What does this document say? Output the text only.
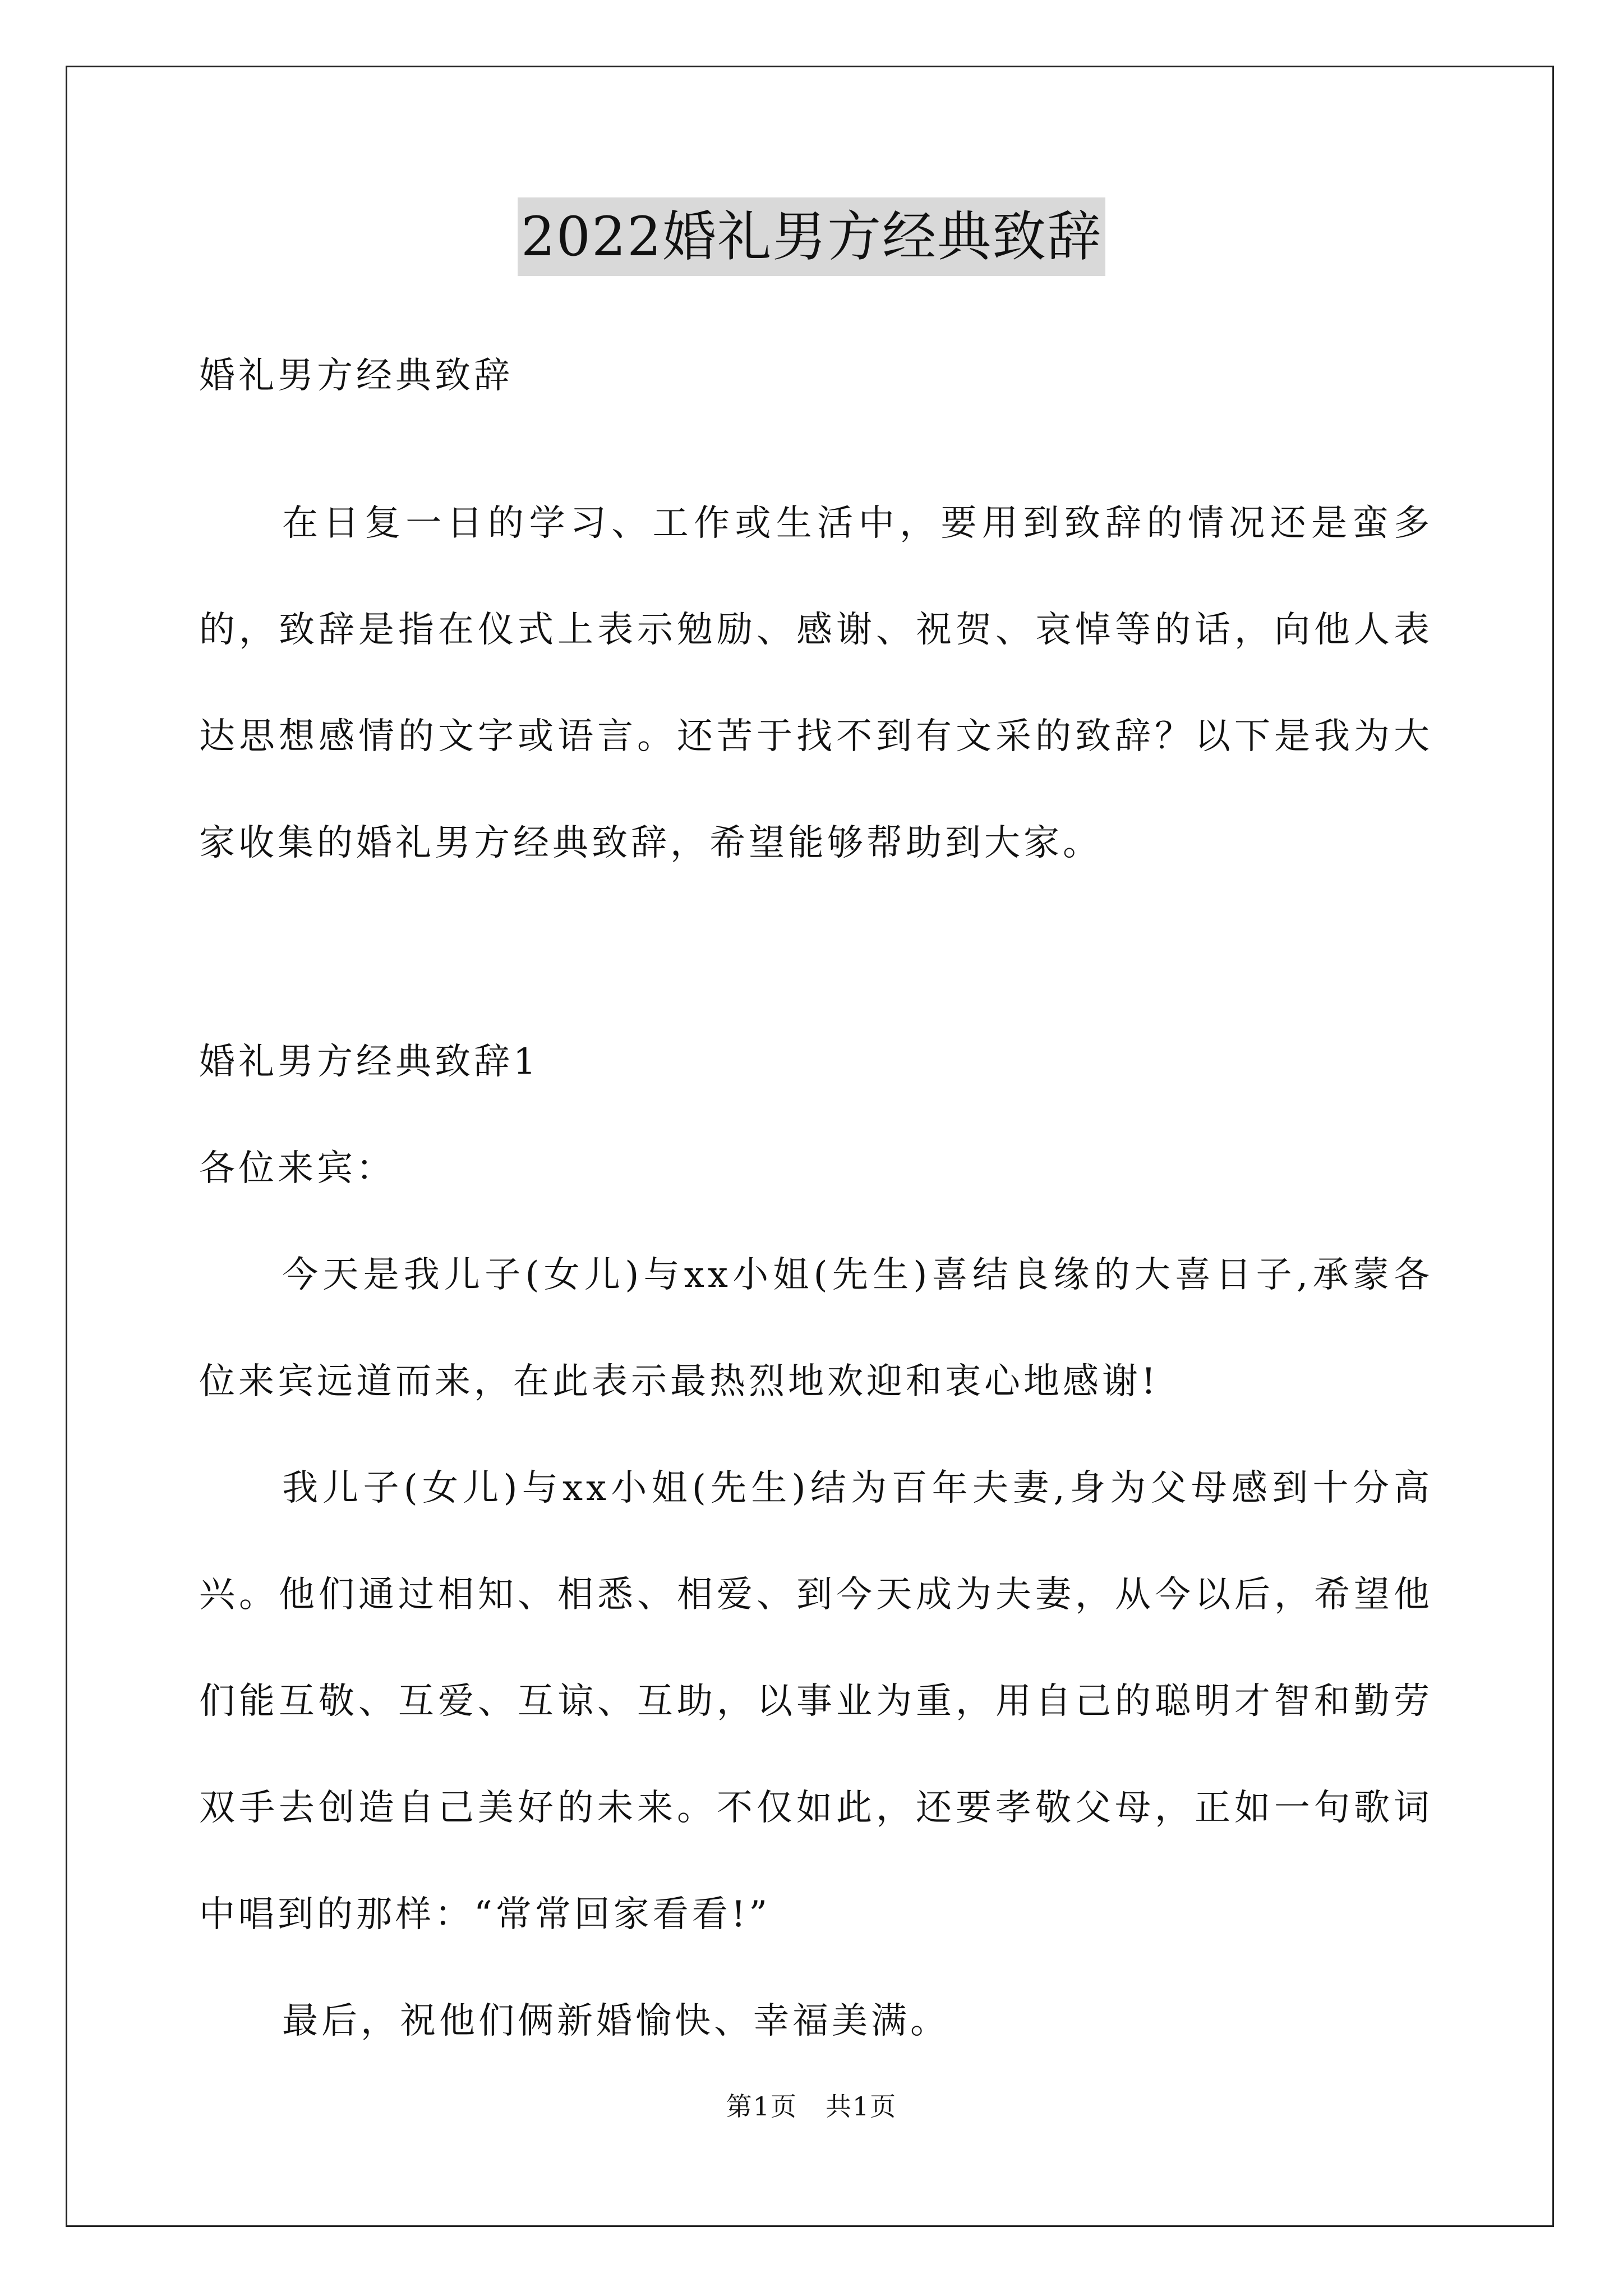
2022婚礼男方经典致辞

婚礼男方经典致辞

在日复一日的学习、工作或生活中，要用到致辞的情况还是蛮多的，致辞是指在仪式上表示勉励、感谢、祝贺、哀悼等的话，向他人表达思想感情的文字或语言。还苦于找不到有文采的致辞？以下是我为大家收集的婚礼男方经典致辞，希望能够帮助到大家。

婚礼男方经典致辞1

各位来宾：

今天是我儿子(女儿)与xx小姐(先生)喜结良缘的大喜日子,承蒙各位来宾远道而来，在此表示最热烈地欢迎和衷心地感谢!

我儿子(女儿)与xx小姐(先生)结为百年夫妻,身为父母感到十分高兴。他们通过相知、相悉、相爱、到今天成为夫妻，从今以后，希望他们能互敬、互爱、互谅、互助，以事业为重，用自己的聪明才智和勤劳双手去创造自己美好的未来。不仅如此，还要孝敬父母，正如一句歌词中唱到的那样：“常常回家看看!”

最后，祝他们俩新婚愉快、幸福美满。

第1页 共1页
